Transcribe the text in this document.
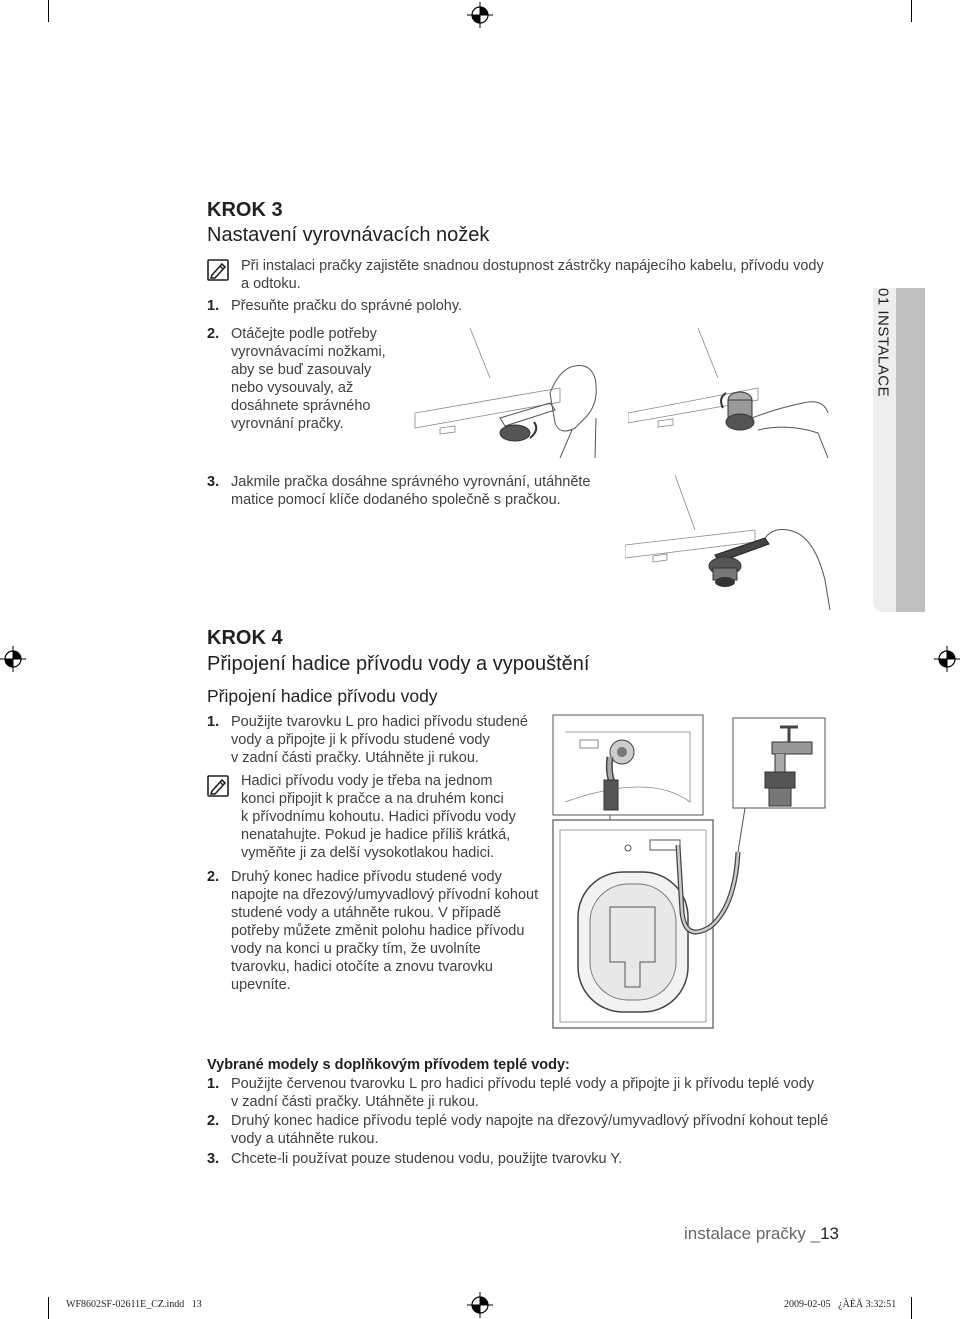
01 INSTALACE
KROK 3
Nastavení vyrovnávacích nožek
Při instalaci pračky zajistěte snadnou dostupnost zástrčky napájecího kabelu, přívodu vody
a odtoku.
1. Přesuňte pračku do správné polohy.
2. Otáčejte podle potřeby
vyrovnávacími nožkami,
aby se buď zasouvaly
nebo vysouvaly, až
dosáhnete správného
vyrovnání pračky.
3. Jakmile pračka dosáhne správného vyrovnání, utáhněte
matice pomocí klíče dodaného společně s pračkou.
KROK 4
Připojení hadice přívodu vody a vypouštění
Připojení hadice přívodu vody
1. Použijte tvarovku L pro hadici přívodu studené
vody a připojte ji k přívodu studené vody
v zadní části pračky. Utáhněte ji rukou.
Hadici přívodu vody je třeba na jednom
konci připojit k pračce a na druhém konci
k přívodnímu kohoutu. Hadici přívodu vody
nenatahujte. Pokud je hadice příliš krátká,
vyměňte ji za delší vysokotlakou hadici.
2. Druhý konec hadice přívodu studené vody
napojte na dřezový/umyvadlový přívodní kohout
studené vody a utáhněte rukou. V případě
potřeby můžete změnit polohu hadice přívodu
vody na konci u pračky tím, že uvolníte
tvarovku, hadici otočíte a znovu tvarovku
upevníte.
Vybrané modely s doplňkovým přívodem teplé vody:
1. Použijte červenou tvarovku L pro hadici přívodu teplé vody a připojte ji k přívodu teplé vody
v zadní části pračky. Utáhněte ji rukou.
2. Druhý konec hadice přívodu teplé vody napojte na dřezový/umyvadlový přívodní kohout teplé
vody a utáhněte rukou.
3. Chcete-li používat pouze studenou vodu, použijte tvarovku Y.
instalace pračky _13
WF8602SF-02611E_CZ.indd   13	2009-02-05   ¿ÀÈÄ 3:32:51
